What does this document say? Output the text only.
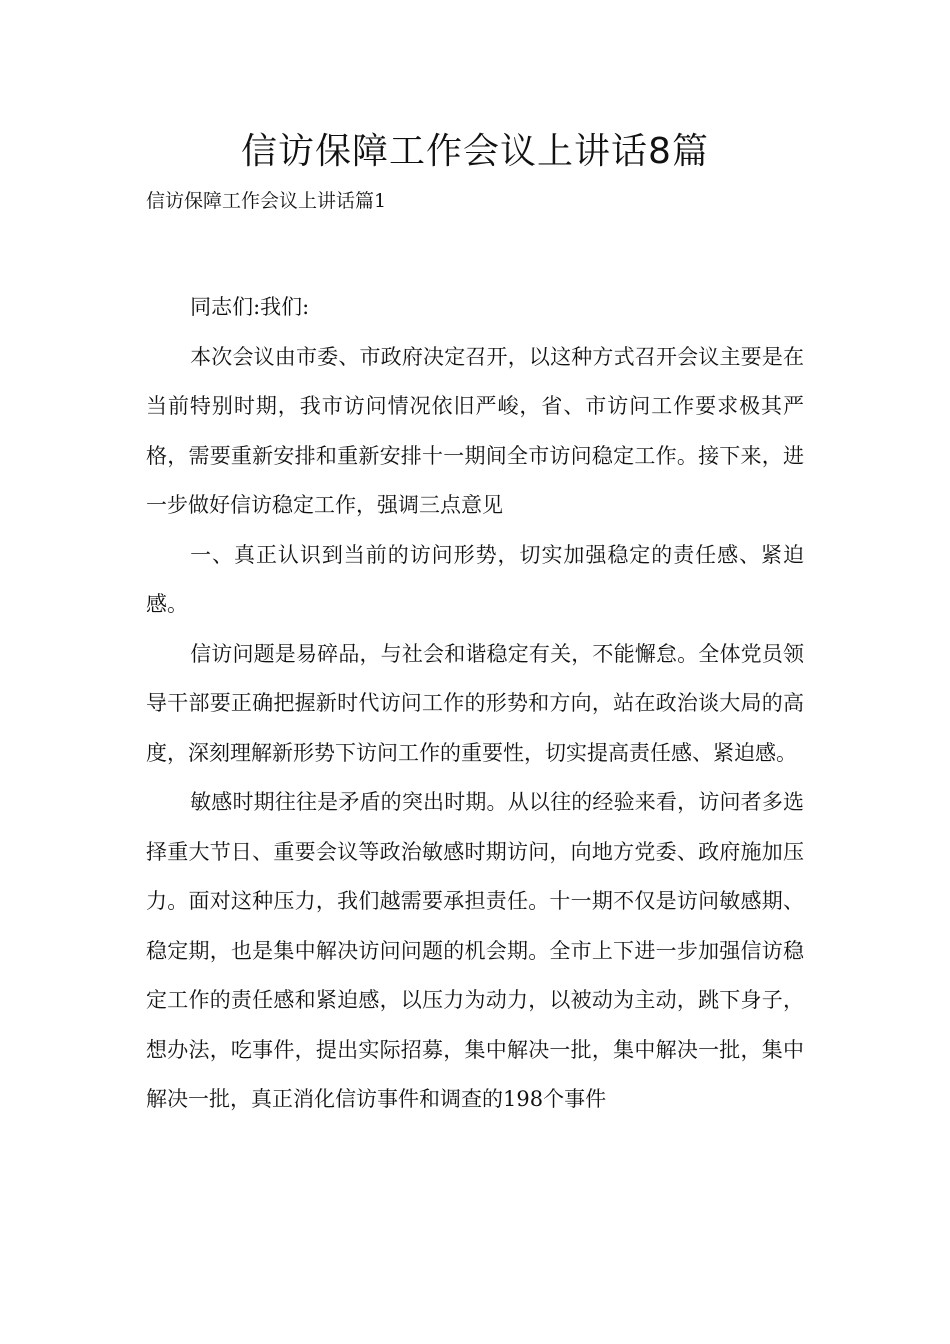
信访保障工作会议上讲话8篇
信访保障工作会议上讲话篇1

同志们:我们:

本次会议由市委、市政府决定召开，以这种方式召开会议主要是在当前特别时期，我市访问情况依旧严峻，省、市访问工作要求极其严格，需要重新安排和重新安排十一期间全市访问稳定工作。接下来，进一步做好信访稳定工作，强调三点意见

一、真正认识到当前的访问形势，切实加强稳定的责任感、紧迫感。

信访问题是易碎品，与社会和谐稳定有关，不能懈怠。全体党员领导干部要正确把握新时代访问工作的形势和方向，站在政治谈大局的高度，深刻理解新形势下访问工作的重要性，切实提高责任感、紧迫感。

敏感时期往往是矛盾的突出时期。从以往的经验来看，访问者多选择重大节日、重要会议等政治敏感时期访问，向地方党委、政府施加压力。面对这种压力，我们越需要承担责任。十一期不仅是访问敏感期、稳定期，也是集中解决访问问题的机会期。全市上下进一步加强信访稳定工作的责任感和紧迫感，以压力为动力，以被动为主动，跳下身子，想办法，吃事件，提出实际招募，集中解决一批，集中解决一批，集中解决一批，真正消化信访事件和调查的198个事件
